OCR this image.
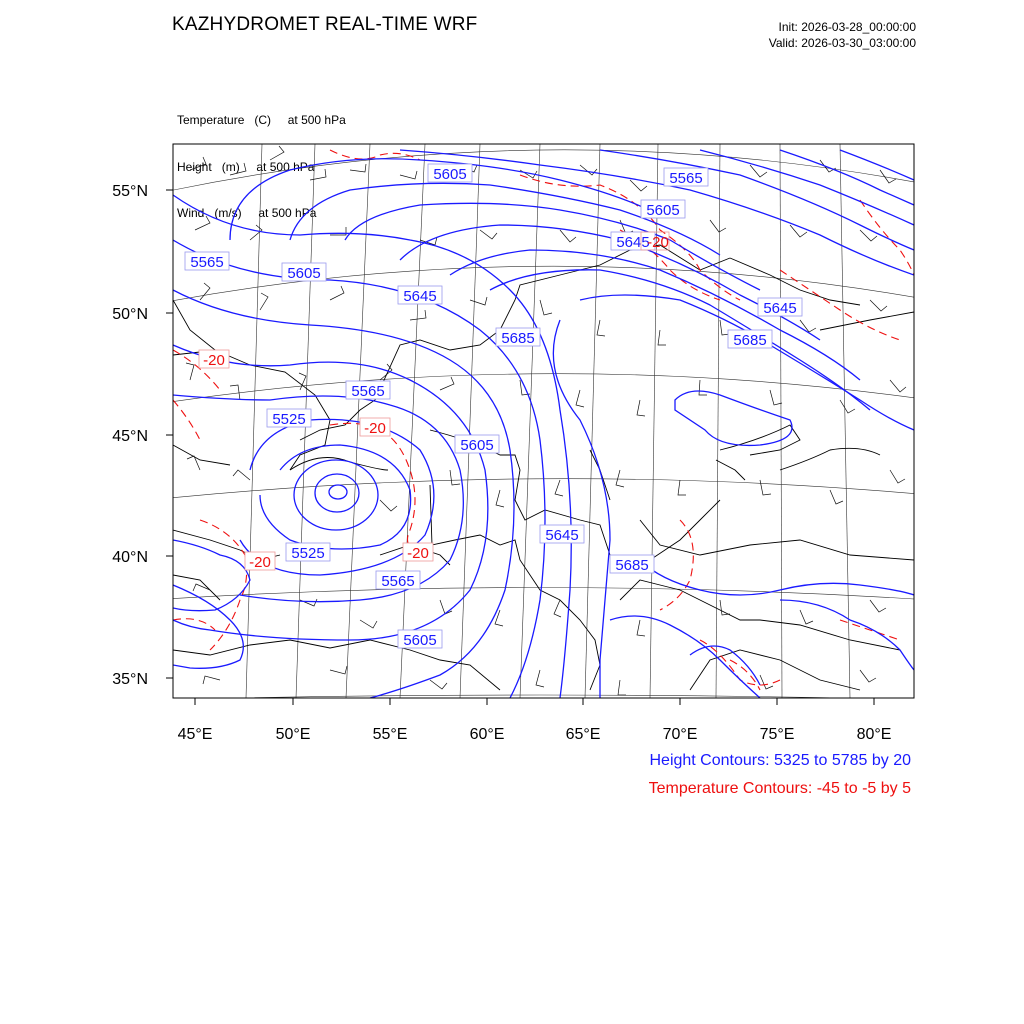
KAZHYDROMET REAL-TIME WRF	Init: 2026-03-28_00:00:00
Valid: 2026-03-30_03:00:00

Temperature (C) at 500 hPa

Height (m) at 500 hPa

Wind (m/s) at 500 hPa

55°N
50°N
45°N
40°N
35°N
45°E	50°E	55°E	60°E	65°E	70°E	75°E	80°E
5605	5565
5605
5645
5565
5605
5645
5685
5645
5685
5565
5525
5605
5645
5685
5525
5565
5605
-20
-20
-20
-20
-20
Height Contours: 5325 to 5785 by 20
Temperature Contours: -45 to -5 by 5
